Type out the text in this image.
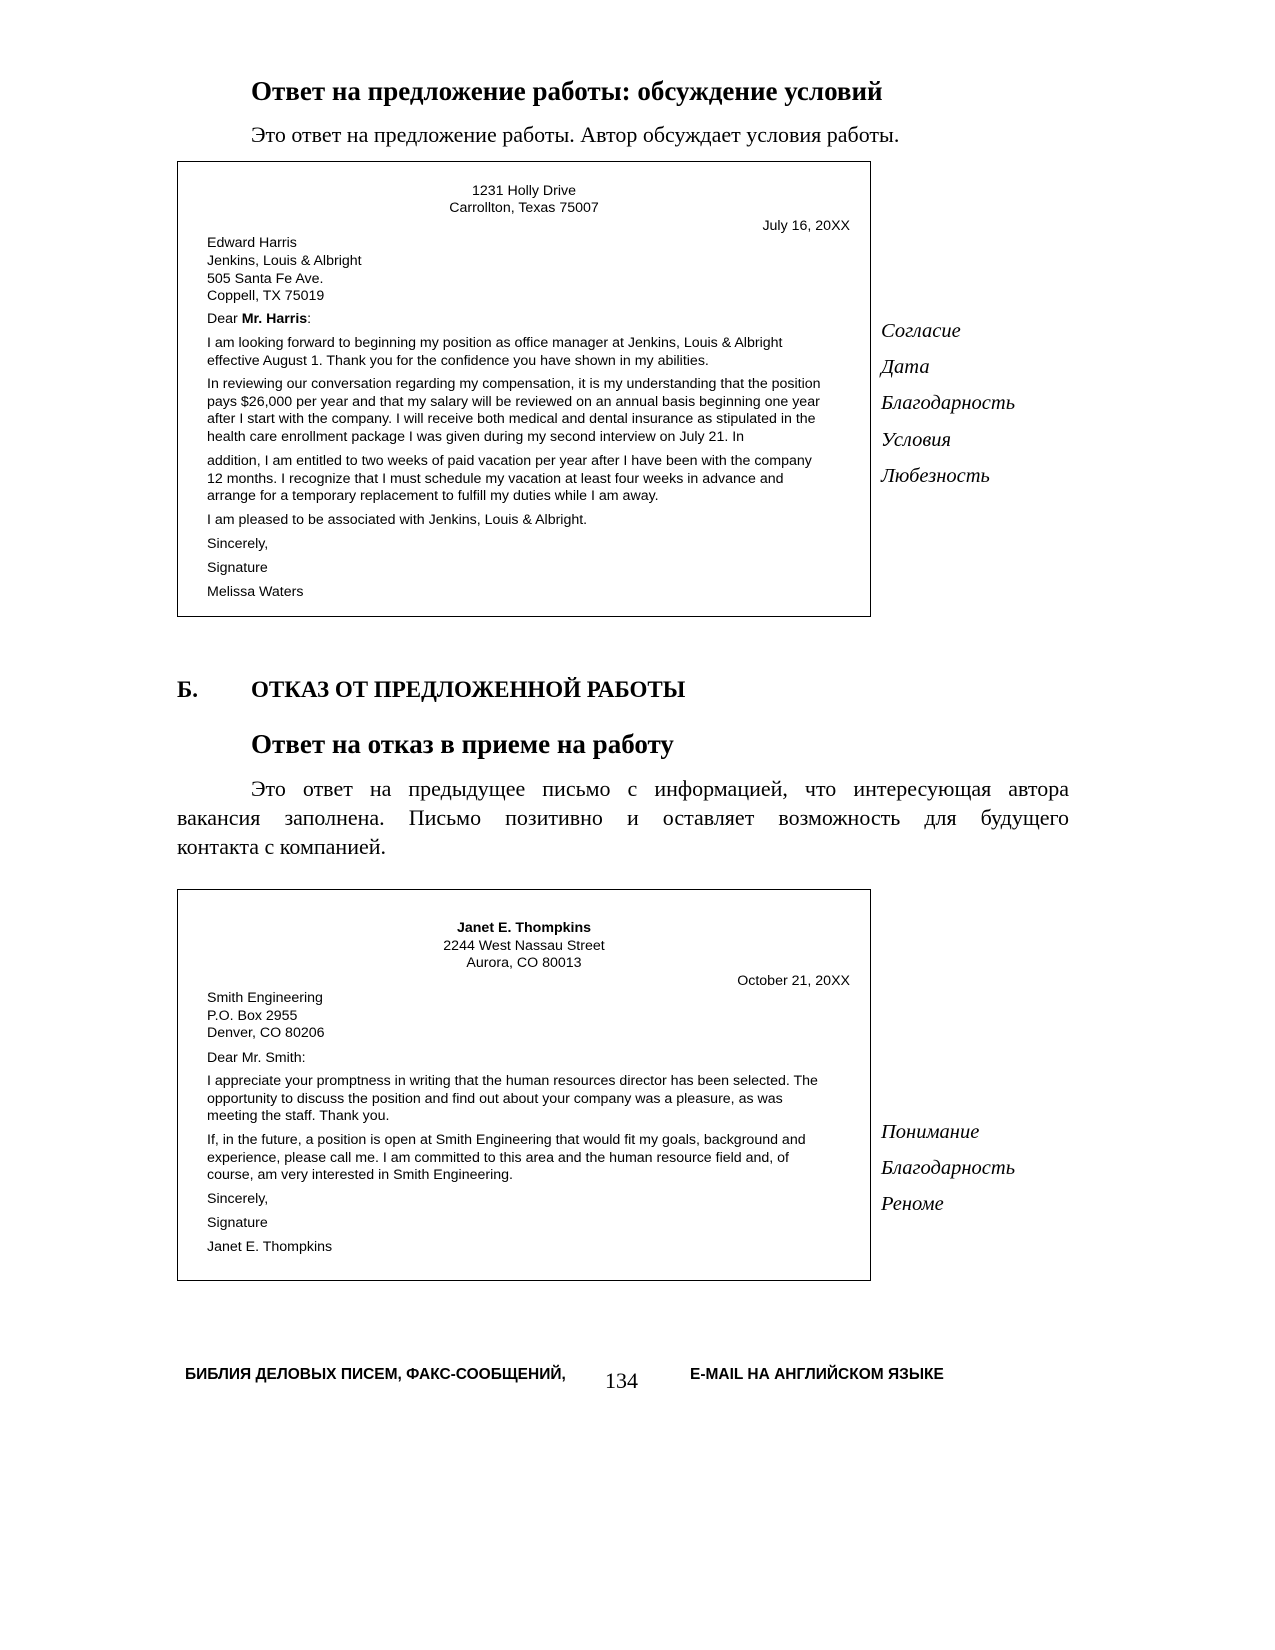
Ответ на предложение работы: обсуждение условий
Это ответ на предложение работы. Автор обсуждает условия работы.
1231 Holly Drive
Carrollton, Texas 75007
July 16, 20XX
Edward Harris
Jenkins, Louis & Albright
505 Santa Fe Ave.
Coppell, TX 75019
Dear Mr. Harris:
I am looking forward to beginning my position as office manager at Jenkins, Louis & Albright
effective August 1. Thank you for the confidence you have shown in my abilities.
In reviewing our conversation regarding my compensation, it is my understanding that the position
pays $26,000 per year and that my salary will be reviewed on an annual basis beginning one year
after I start with the company. I will receive both medical and dental insurance as stipulated in the
health care enrollment package I was given during my second interview on July 21. In
addition, I am entitled to two weeks of paid vacation per year after I have been with the company
12 months. I recognize that I must schedule my vacation at least four weeks in advance and
arrange for a temporary replacement to fulfill my duties while I am away.
I am pleased to be associated with Jenkins, Louis & Albright.
Sincerely,
Signature
Melissa Waters
Согласие
Дата
Благодарность
Условия
Любезность
Б. ОТКАЗ ОТ ПРЕДЛОЖЕННОЙ РАБОТЫ
Ответ на отказ в приеме на работу
Это ответ на предыдущее письмо с информацией, что интересующая автора
вакансия заполнена. Письмо позитивно и оставляет возможность для будущего
контакта с компанией.
Janet E. Thompkins
2244 West Nassau Street
Aurora, CO 80013
October 21, 20XX
Smith Engineering
P.O. Box 2955
Denver, CO 80206
Dear Mr. Smith:
I appreciate your promptness in writing that the human resources director has been selected. The
opportunity to discuss the position and find out about your company was a pleasure, as was
meeting the staff. Thank you.
If, in the future, a position is open at Smith Engineering that would fit my goals, background and
experience, please call me. I am committed to this area and the human resource field and, of
course, am very interested in Smith Engineering.
Sincerely,
Signature
Janet E. Thompkins
Понимание
Благодарность
Реноме
БИБЛИЯ ДЕЛОВЫХ ПИСЕМ, ФАКС-СООБЩЕНИЙ, 134	E-MAIL НА АНГЛИЙСКОМ ЯЗЫКЕ
